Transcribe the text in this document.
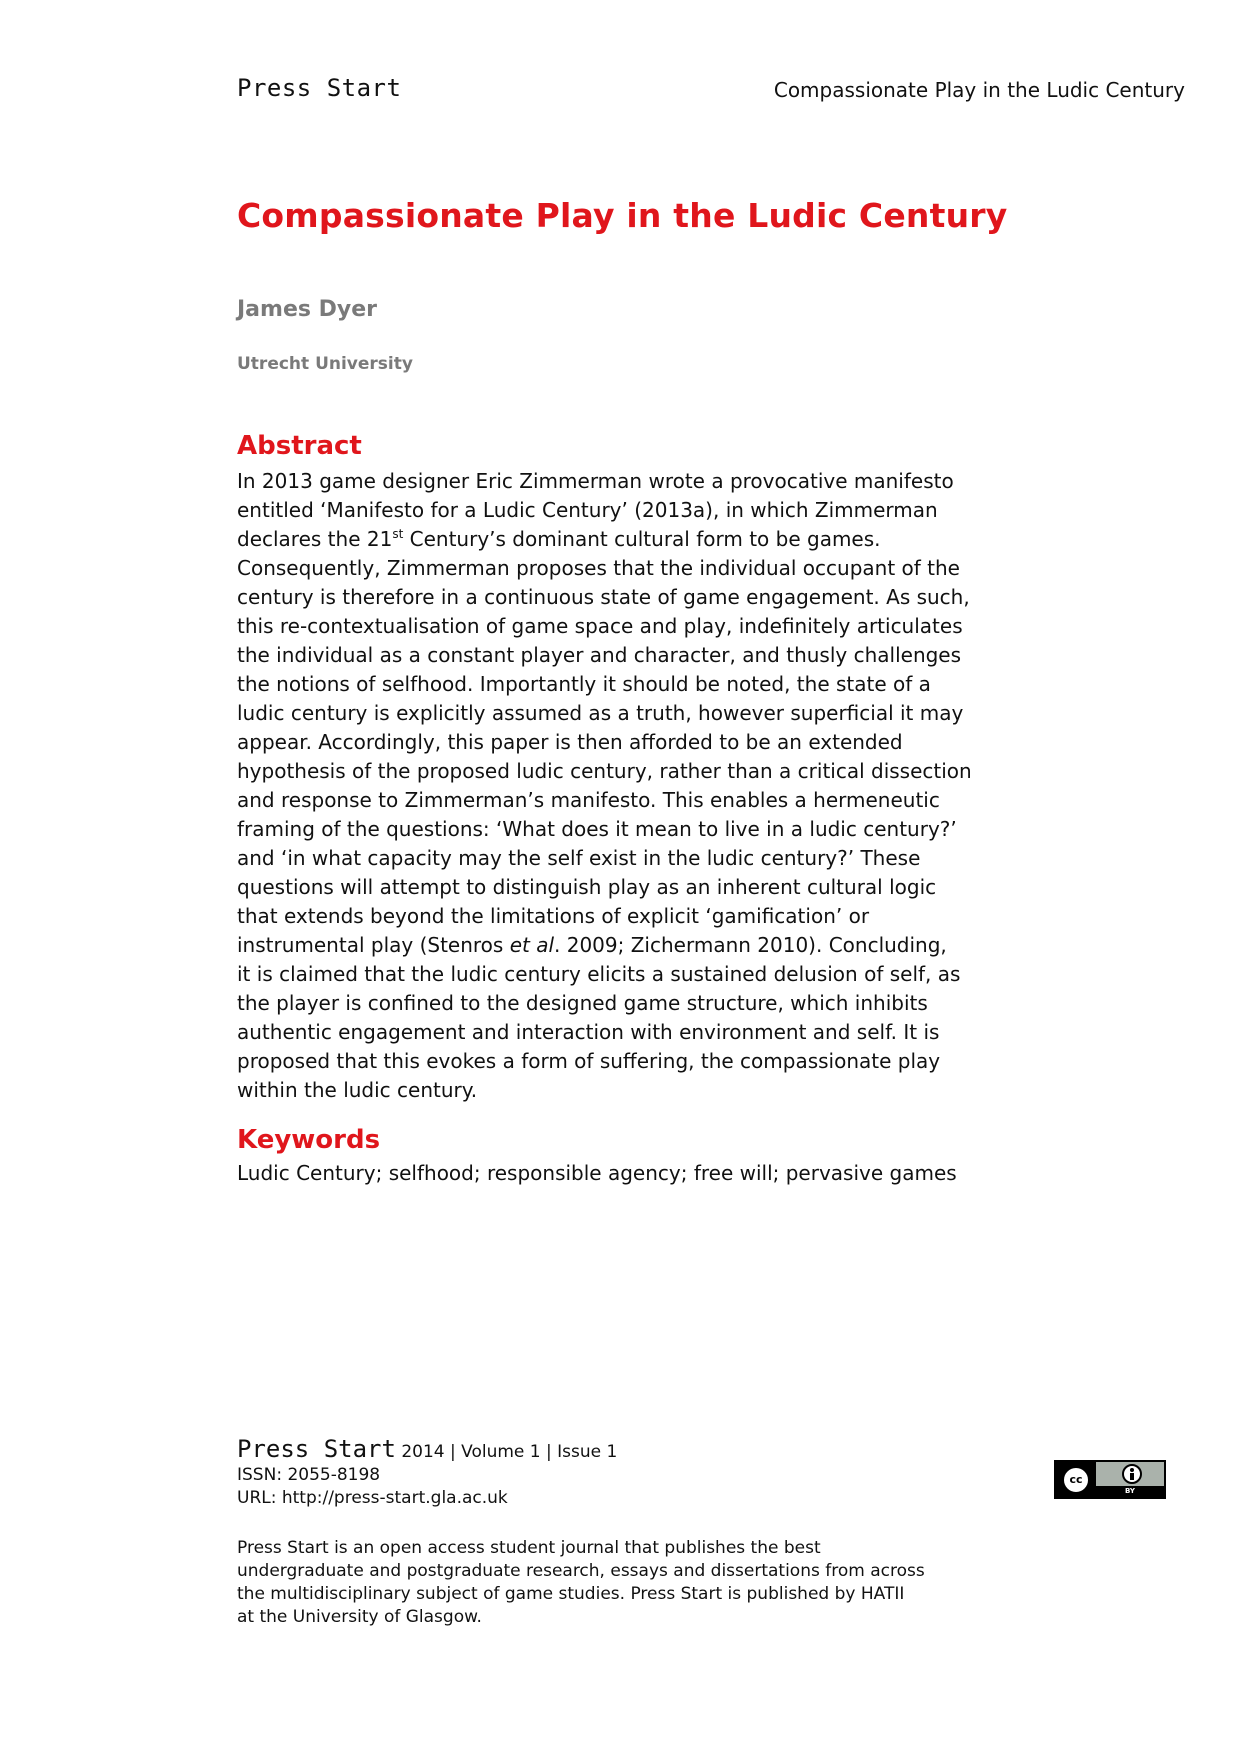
Press Start	Compassionate Play in the Ludic Century
Compassionate Play in the Ludic Century
James Dyer
Utrecht University
Abstract
In 2013 game designer Eric Zimmerman wrote a provocative manifesto
entitled ‘Manifesto for a Ludic Century’ (2013a), in which Zimmerman
declares the 21st Century’s dominant cultural form to be games.
Consequently, Zimmerman proposes that the individual occupant of the
century is therefore in a continuous state of game engagement. As such,
this re-contextualisation of game space and play, indefinitely articulates
the individual as a constant player and character, and thusly challenges
the notions of selfhood. Importantly it should be noted, the state of a
ludic century is explicitly assumed as a truth, however superficial it may
appear. Accordingly, this paper is then afforded to be an extended
hypothesis of the proposed ludic century, rather than a critical dissection
and response to Zimmerman’s manifesto. This enables a hermeneutic
framing of the questions: ‘What does it mean to live in a ludic century?’
and ‘in what capacity may the self exist in the ludic century?’ These
questions will attempt to distinguish play as an inherent cultural logic
that extends beyond the limitations of explicit ‘gamification’ or
instrumental play (Stenros et al. 2009; Zichermann 2010). Concluding,
it is claimed that the ludic century elicits a sustained delusion of self, as
the player is confined to the designed game structure, which inhibits
authentic engagement and interaction with environment and self. It is
proposed that this evokes a form of suffering, the compassionate play
within the ludic century.
Keywords
Ludic Century; selfhood; responsible agency; free will; pervasive games
Press Start 2014 | Volume 1 | Issue 1
ISSN: 2055-8198
URL: http://press-start.gla.ac.uk
Press Start is an open access student journal that publishes the best
undergraduate and postgraduate research, essays and dissertations from across
the multidisciplinary subject of game studies. Press Start is published by HATII
at the University of Glasgow.
cc
BY
